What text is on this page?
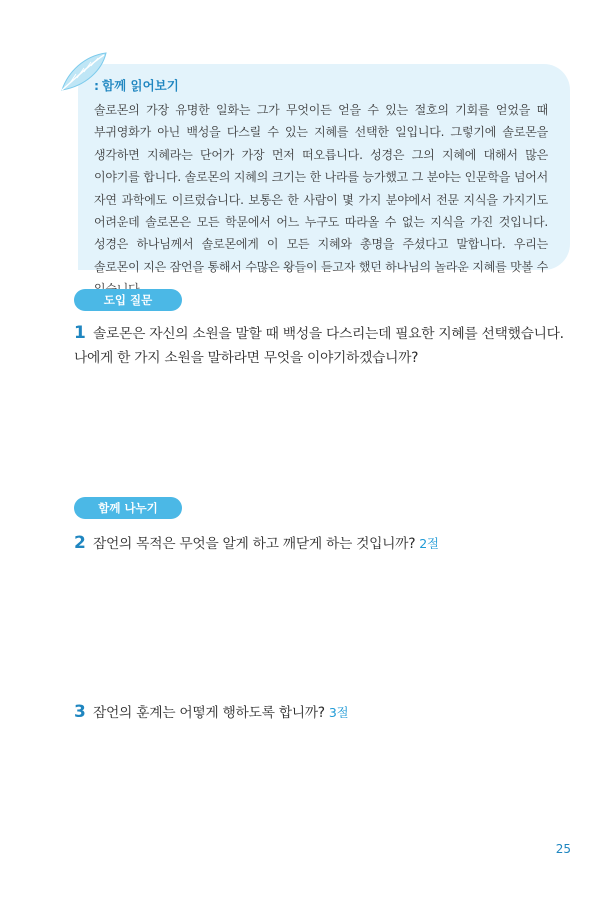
: 함께 읽어보기

솔로몬의 가장 유명한 일화는 그가 무엇이든 얻을 수 있는 절호의 기회를 얻었을 때 부귀영화가 아닌 백성을 다스릴 수 있는 지혜를 선택한 일입니다. 그렇기에 솔로몬을 생각하면 지혜라는 단어가 가장 먼저 떠오릅니다. 성경은 그의 지혜에 대해서 많은 이야기를 합니다. 솔로몬의 지혜의 크기는 한 나라를 능가했고 그 분야는 인문학을 넘어서 자연 과학에도 이르렀습니다. 보통은 한 사람이 몇 가지 분야에서 전문 지식을 가지기도 어려운데 솔로몬은 모든 학문에서 어느 누구도 따라올 수 없는 지식을 가진 것입니다. 성경은 하나님께서 솔로몬에게 이 모든 지혜와 총명을 주셨다고 말합니다. 우리는 솔로몬이 지은 잠언을 통해서 수많은 왕들이 듣고자 했던 하나님의 놀라운 지혜를 맛볼 수

도입 질문
1 솔로몬은 자신의 소원을 말할 때 백성을 다스리는데 필요한 지혜를 선택했습니다. 나에게 한 가지 소원을 말하라면 무엇을 이야기하겠습니까?
함께 나누기
2 잠언의 목적은 무엇을 알게 하고 깨닫게 하는 것입니까? 2절
3 잠언의 훈계는 어떻게 행하도록 합니까? 3절
25
